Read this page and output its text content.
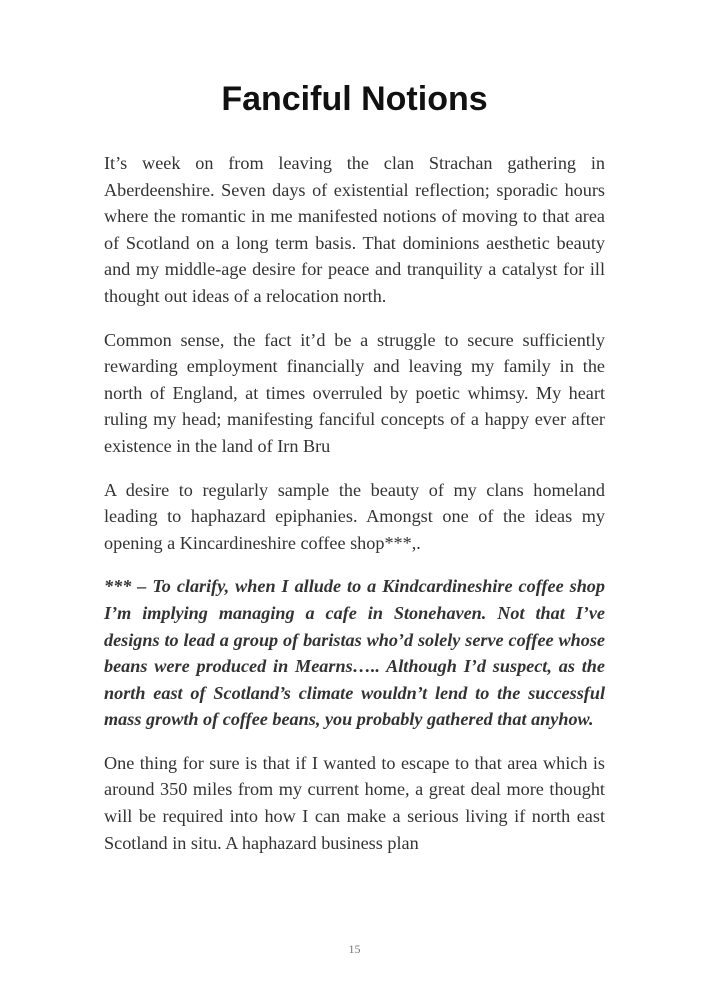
Fanciful Notions

It’s week on from leaving the clan Strachan gathering in Aberdeenshire. Seven days of existential reflection; sporadic hours where the romantic in me manifested notions of moving to that area of Scotland on a long term basis. That dominions aesthetic beauty and my middle-age desire for peace and tranquility a catalyst for ill thought out ideas of a relocation north.

Common sense, the fact it’d be a struggle to secure sufficiently rewarding employment financially and leaving my family in the north of England, at times overruled by poetic whimsy. My heart ruling my head; manifesting fanciful concepts of a happy ever after existence in the land of Irn Bru

A desire to regularly sample the beauty of my clans homeland leading to haphazard epiphanies. Amongst one of the ideas my opening a Kincardineshire coffee shop***,.

*** – To clarify, when I allude to a Kindcardineshire coffee shop I’m implying managing a cafe in Stonehaven. Not that I’ve designs to lead a group of baristas who’d solely serve coffee whose beans were produced in Mearns….. Although I’d suspect, as the north east of Scotland’s climate wouldn’t lend to the successful mass growth of coffee beans, you probably gathered that anyhow.

One thing for sure is that if I wanted to escape to that area which is around 350 miles from my current home, a great deal more thought will be required into how I can make a serious living if north east Scotland in situ. A haphazard business plan

15
